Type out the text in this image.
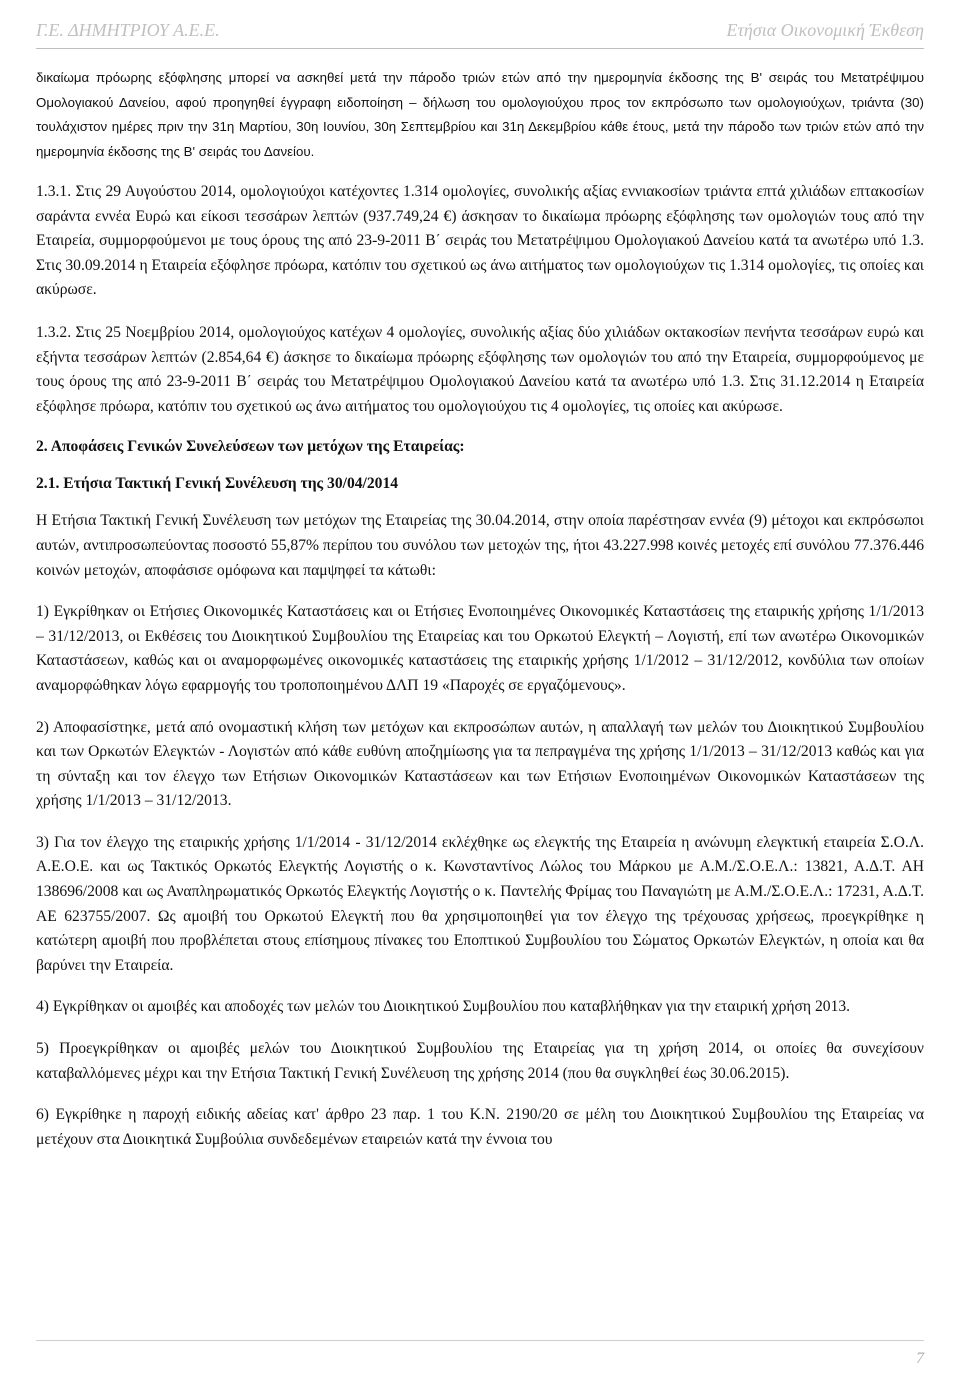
Γ.Ε. ΔΗΜΗΤΡΙΟΥ Α.Ε.Ε.	Ετήσια Οικονομική Έκθεση

δικαίωμα πρόωρης εξόφλησης μπορεί να ασκηθεί μετά την πάροδο τριών ετών από την ημερομηνία έκδοσης της Β' σειράς του Μετατρέψιμου Ομολογιακού Δανείου, αφού προηγηθεί έγγραφη ειδοποίηση – δήλωση του ομολογιούχου προς τον εκπρόσωπο των ομολογιούχων, τριάντα (30) τουλάχιστον ημέρες πριν την 31η Μαρτίου, 30η Ιουνίου, 30η Σεπτεμβρίου και 31η Δεκεμβρίου κάθε έτους, μετά την πάροδο των τριών ετών από την ημερομηνία έκδοσης της Β' σειράς του Δανείου.

1.3.1. Στις 29 Αυγούστου 2014, ομολογιούχοι κατέχοντες 1.314 ομολογίες, συνολικής αξίας εννιακοσίων τριάντα επτά χιλιάδων επτακοσίων σαράντα εννέα Ευρώ και είκοσι τεσσάρων λεπτών (937.749,24 €) άσκησαν το δικαίωμα πρόωρης εξόφλησης των ομολογιών τους από την Εταιρεία, συμμορφούμενοι με τους όρους της από 23-9-2011 Β΄ σειράς του Μετατρέψιμου Ομολογιακού Δανείου κατά τα ανωτέρω υπό 1.3. Στις 30.09.2014 η Εταιρεία εξόφλησε πρόωρα, κατόπιν του σχετικού ως άνω αιτήματος των ομολογιούχων τις 1.314 ομολογίες, τις οποίες και ακύρωσε.

1.3.2. Στις 25 Νοεμβρίου 2014, ομολογιούχος κατέχων 4 ομολογίες, συνολικής αξίας δύο χιλιάδων οκτακοσίων πενήντα τεσσάρων ευρώ και εξήντα τεσσάρων λεπτών (2.854,64 €) άσκησε το δικαίωμα πρόωρης εξόφλησης των ομολογιών του από την Εταιρεία, συμμορφούμενος με τους όρους της από 23-9-2011 Β΄ σειράς του Μετατρέψιμου Ομολογιακού Δανείου κατά τα ανωτέρω υπό 1.3. Στις 31.12.2014 η Εταιρεία εξόφλησε πρόωρα, κατόπιν του σχετικού ως άνω αιτήματος του ομολογιούχου τις 4 ομολογίες, τις οποίες και ακύρωσε.

2. Αποφάσεις Γενικών Συνελεύσεων των μετόχων της Εταιρείας:

2.1. Ετήσια Τακτική Γενική Συνέλευση της 30/04/2014

Η Ετήσια Τακτική Γενική Συνέλευση των μετόχων της Εταιρείας της 30.04.2014, στην οποία παρέστησαν εννέα (9) μέτοχοι και εκπρόσωποι αυτών, αντιπροσωπεύοντας ποσοστό 55,87% περίπου του συνόλου των μετοχών της, ήτοι 43.227.998 κοινές μετοχές επί συνόλου 77.376.446 κοινών μετοχών, αποφάσισε ομόφωνα και παμψηφεί τα κάτωθι:

1) Εγκρίθηκαν οι Ετήσιες Οικονομικές Καταστάσεις και οι Ετήσιες Ενοποιημένες Οικονομικές Καταστάσεις της εταιρικής χρήσης 1/1/2013 – 31/12/2013, οι Εκθέσεις του Διοικητικού Συμβουλίου της Εταιρείας και του Ορκωτού Ελεγκτή – Λογιστή, επί των ανωτέρω Οικονομικών Καταστάσεων, καθώς και οι αναμορφωμένες οικονομικές καταστάσεις της εταιρικής χρήσης 1/1/2012 – 31/12/2012, κονδύλια των οποίων αναμορφώθηκαν λόγω εφαρμογής του τροποποιημένου ΔΛΠ 19 «Παροχές σε εργαζόμενους».

2) Αποφασίστηκε, μετά από ονομαστική κλήση των μετόχων και εκπροσώπων αυτών, η απαλλαγή των μελών του Διοικητικού Συμβουλίου και των Ορκωτών Ελεγκτών - Λογιστών από κάθε ευθύνη αποζημίωσης για τα πεπραγμένα της χρήσης 1/1/2013 – 31/12/2013 καθώς και για τη σύνταξη και τον έλεγχο των Ετήσιων Οικονομικών Καταστάσεων και των Ετήσιων Ενοποιημένων Οικονομικών Καταστάσεων της χρήσης 1/1/2013 – 31/12/2013.

3) Για τον έλεγχο της εταιρικής χρήσης 1/1/2014 - 31/12/2014 εκλέχθηκε ως ελεγκτής της Εταιρεία η ανώνυμη ελεγκτική εταιρεία Σ.Ο.Λ. Α.Ε.Ο.Ε. και ως Τακτικός Ορκωτός Ελεγκτής Λογιστής ο κ. Κωνσταντίνος Λώλος του Μάρκου με Α.Μ./Σ.Ο.Ε.Λ.: 13821, Α.Δ.Τ. ΑΗ 138696/2008 και ως Αναπληρωματικός Ορκωτός Ελεγκτής Λογιστής ο κ. Παντελής Φρίμας του Παναγιώτη με Α.Μ./Σ.Ο.Ε.Λ.: 17231, Α.Δ.Τ. ΑΕ 623755/2007. Ως αμοιβή του Ορκωτού Ελεγκτή που θα χρησιμοποιηθεί για τον έλεγχο της τρέχουσας χρήσεως, προεγκρίθηκε η κατώτερη αμοιβή που προβλέπεται στους επίσημους πίνακες του Εποπτικού Συμβουλίου του Σώματος Ορκωτών Ελεγκτών, η οποία και θα βαρύνει την Εταιρεία.

4) Εγκρίθηκαν οι αμοιβές και αποδοχές των μελών του Διοικητικού Συμβουλίου που καταβλήθηκαν για την εταιρική χρήση 2013.

5) Προεγκρίθηκαν οι αμοιβές μελών του Διοικητικού Συμβουλίου της Εταιρείας για τη χρήση 2014, οι οποίες θα συνεχίσουν καταβαλλόμενες μέχρι και την Ετήσια Τακτική Γενική Συνέλευση της χρήσης 2014 (που θα συγκληθεί έως 30.06.2015).

6) Εγκρίθηκε η παροχή ειδικής αδείας κατ' άρθρο 23 παρ. 1 του Κ.Ν. 2190/20 σε μέλη του Διοικητικού Συμβουλίου της Εταιρείας να μετέχουν στα Διοικητικά Συμβούλια συνδεδεμένων εταιρειών κατά την έννοια του

7
